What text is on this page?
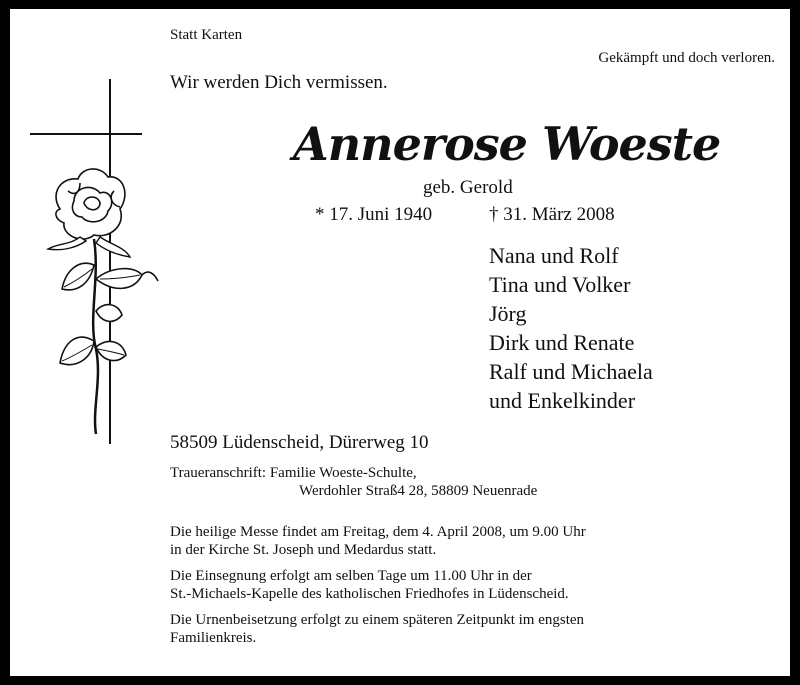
Statt Karten
Gekämpft und doch verloren.
Wir werden Dich vermissen.
Annerose Woeste
geb. Gerold
* 17. Juni 1940	† 31. März 2008
Nana und Rolf
Tina und Volker
Jörg
Dirk und Renate
Ralf und Michaela
und Enkelkinder
58509 Lüdenscheid, Dürerweg 10
Traueranschrift: Familie Woeste-Schulte,
Werdohler Straß4 28, 58809 Neuenrade
Die heilige Messe findet am Freitag, dem 4. April 2008, um 9.00 Uhr
in der Kirche St. Joseph und Medardus statt.
Die Einsegnung erfolgt am selben Tage um 11.00 Uhr in der
St.-Michaels-Kapelle des katholischen Friedhofes in Lüdenscheid.
Die Urnenbeisetzung erfolgt zu einem späteren Zeitpunkt im engsten
Familienkreis.
